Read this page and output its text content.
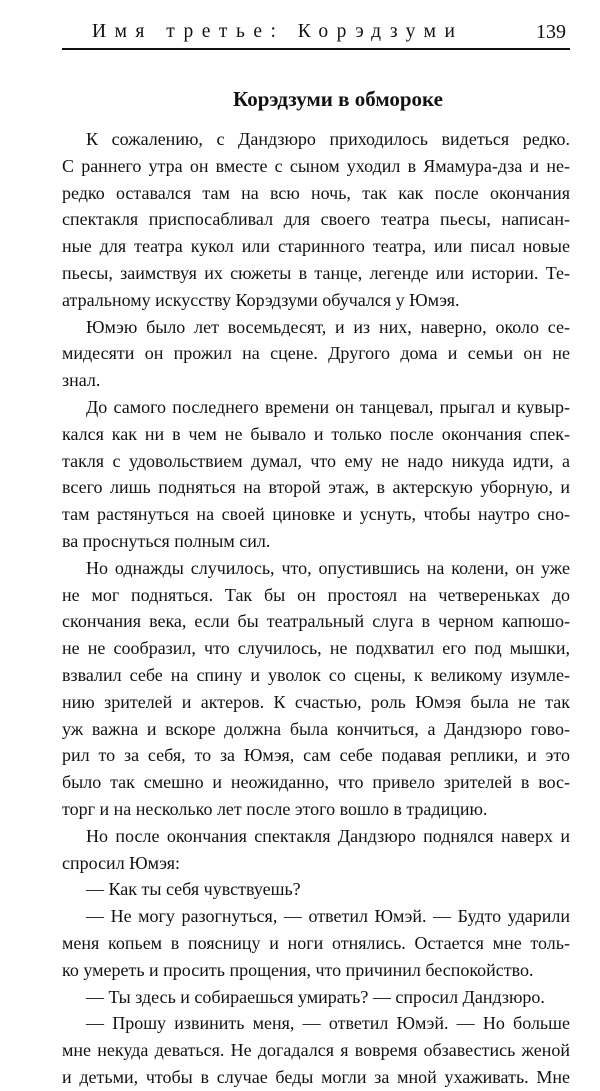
Имя третье: Корэдзуми	139
Корэдзуми в обмороке
К сожалению, с Дандзюро приходилось видеться редко.
С раннего утра он вместе с сыном уходил в Ямамура-дза и не-
редко оставался там на всю ночь, так как после окончания
спектакля приспосабливал для своего театра пьесы, написан-
ные для театра кукол или старинного театра, или писал новые
пьесы, заимствуя их сюжеты в танце, легенде или истории. Те-
атральному искусству Корэдзуми обучался у Юмэя.
Юмэю было лет восемьдесят, и из них, наверно, около се-
мидесяти он прожил на сцене. Другого дома и семьи он не
знал.
До самого последнего времени он танцевал, прыгал и кувыр-
кался как ни в чем не бывало и только после окончания спек-
такля с удовольствием думал, что ему не надо никуда идти, а
всего лишь подняться на второй этаж, в актерскую уборную, и
там растянуться на своей циновке и уснуть, чтобы наутро сно-
ва проснуться полным сил.
Но однажды случилось, что, опустившись на колени, он уже
не мог подняться. Так бы он простоял на четвереньках до
скончания века, если бы театральный слуга в черном капюшо-
не не сообразил, что случилось, не подхватил его под мышки,
взвалил себе на спину и уволок со сцены, к великому изумле-
нию зрителей и актеров. К счастью, роль Юмэя была не так
уж важна и вскоре должна была кончиться, а Дандзюро гово-
рил то за себя, то за Юмэя, сам себе подавая реплики, и это
было так смешно и неожиданно, что привело зрителей в вос-
торг и на несколько лет после этого вошло в традицию.
Но после окончания спектакля Дандзюро поднялся наверх и
спросил Юмэя:
— Как ты себя чувствуешь?
— Не могу разогнуться, — ответил Юмэй. — Будто ударили
меня копьем в поясницу и ноги отнялись. Остается мне толь-
ко умереть и просить прощения, что причинил беспокойство.
— Ты здесь и собираешься умирать? — спросил Дандзюро.
— Прошу извинить меня, — ответил Юмэй. — Но больше
мне некуда деваться. Не догадался я вовремя обзавестись женой
и детьми, чтобы в случае беды могли за мной ухаживать. Мне
